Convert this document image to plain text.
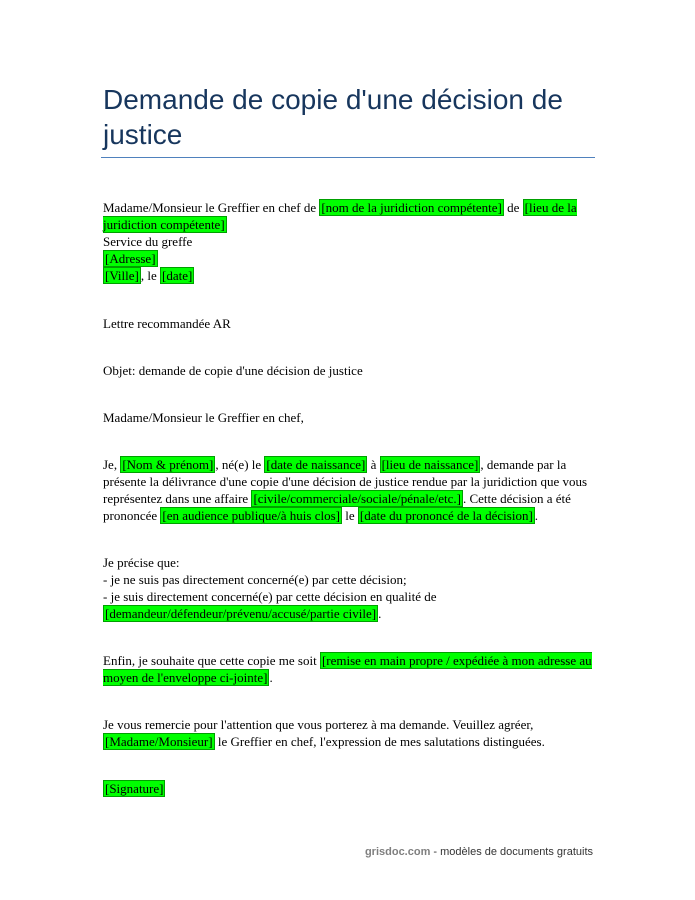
Demande de copie d'une décision de justice

Madame/Monsieur le Greffier en chef de [nom de la juridiction compétente] de [lieu de la juridiction compétente]
Service du greffe
[Adresse]
[Ville] , le [date]

Lettre recommandée AR

Objet: demande de copie d'une décision de justice

Madame/Monsieur le Greffier en chef,

Je, [Nom & prénom] , né(e) le [date de naissance] à [lieu de naissance] , demande par la présente la délivrance d'une copie d'une décision de justice rendue par la juridiction que vous représentez dans une affaire [civile/commerciale/sociale/pénale/etc.] . Cette décision a été prononcée [en audience publique/à huis clos] le [date du prononcé de la décision] .

Je précise que:
- je ne suis pas directement concerné(e) par cette décision;
- je suis directement concerné(e) par cette décision en qualité de [demandeur/défendeur/prévenu/accusé/partie civile] .

Enfin, je souhaite que cette copie me soit [remise en main propre / expédiée à mon adresse au moyen de l'enveloppe ci-jointe] .

Je vous remercie pour l'attention que vous porterez à ma demande. Veuillez agréer, [Madame/Monsieur] le Greffier en chef, l'expression de mes salutations distinguées.

[Signature]

grisdoc.com - modèles de documents gratuits
